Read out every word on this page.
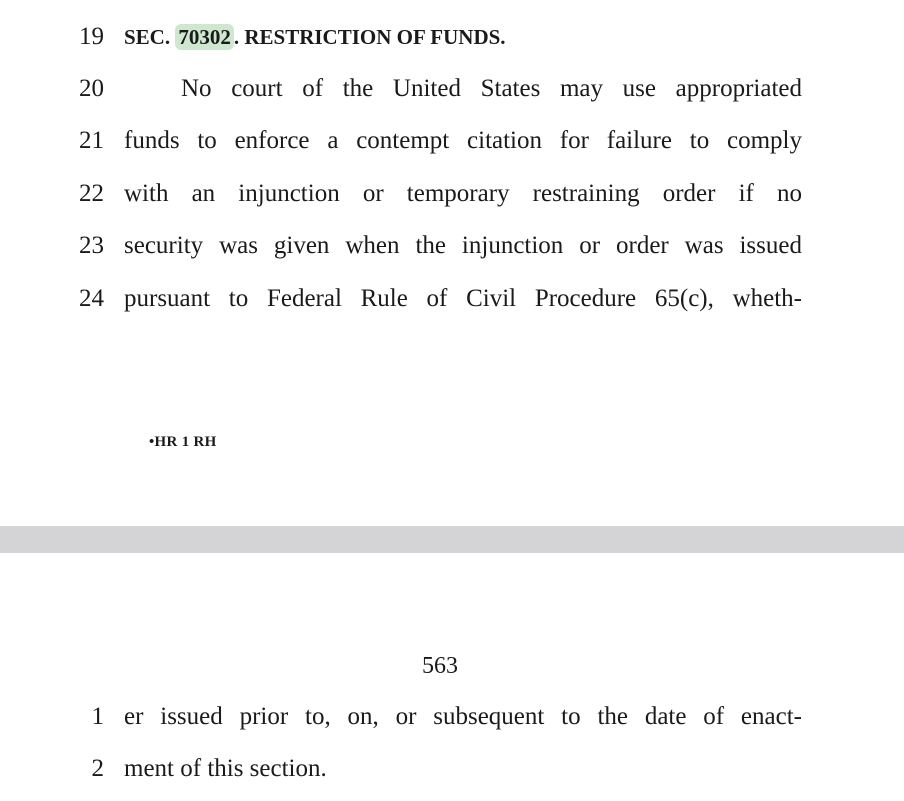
19 SEC. 70302 . RESTRICTION OF FUNDS.
20	No court of the United States may use appropriated
21 funds to enforce a contempt citation for failure to comply
22 with an injunction or temporary restraining order if no
23 security was given when the injunction or order was issued
24 pursuant to Federal Rule of Civil Procedure 65(c), wheth-
•HR 1 RH
563
1 er issued prior to, on, or subsequent to the date of enact-
2 ment of this section.
